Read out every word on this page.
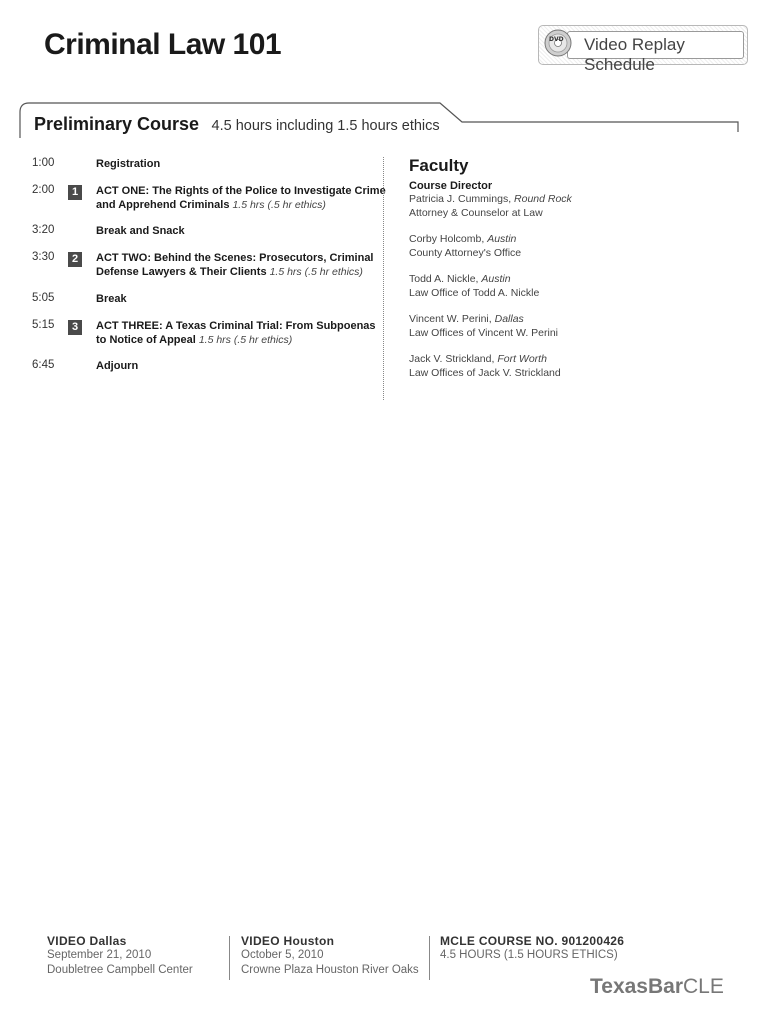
Criminal Law 101	Video Replay Schedule
DVD
Preliminary Course 4.5 hours including 1.5 hours ethics
1:00	Registration
2:00	1	ACT ONE: The Rights of the Police to Investigate Crime and Apprehend Criminals 1.5 hrs (.5 hr ethics)
3:20	Break and Snack
3:30	2	ACT TWO: Behind the Scenes: Prosecutors, Criminal Defense Lawyers & Their Clients 1.5 hrs (.5 hr ethics)
5:05	Break
5:15	3	ACT THREE: A Texas Criminal Trial: From Subpoenas to Notice of Appeal 1.5 hrs (.5 hr ethics)
6:45	Adjourn
Faculty
Course Director
Patricia J. Cummings, Round Rock
Attorney & Counselor at Law
Corby Holcomb, Austin
County Attorney's Office
Todd A. Nickle, Austin
Law Office of Todd A. Nickle
Vincent W. Perini, Dallas
Law Offices of Vincent W. Perini
Jack V. Strickland, Fort Worth
Law Offices of Jack V. Strickland
VIDEO Dallas
September 21, 2010
Doubletree Campbell Center
VIDEO Houston
October 5, 2010
Crowne Plaza Houston River Oaks
MCLE COURSE NO. 901200426
4.5 HOURS (1.5 HOURS ETHICS)
TexasBarCLE
